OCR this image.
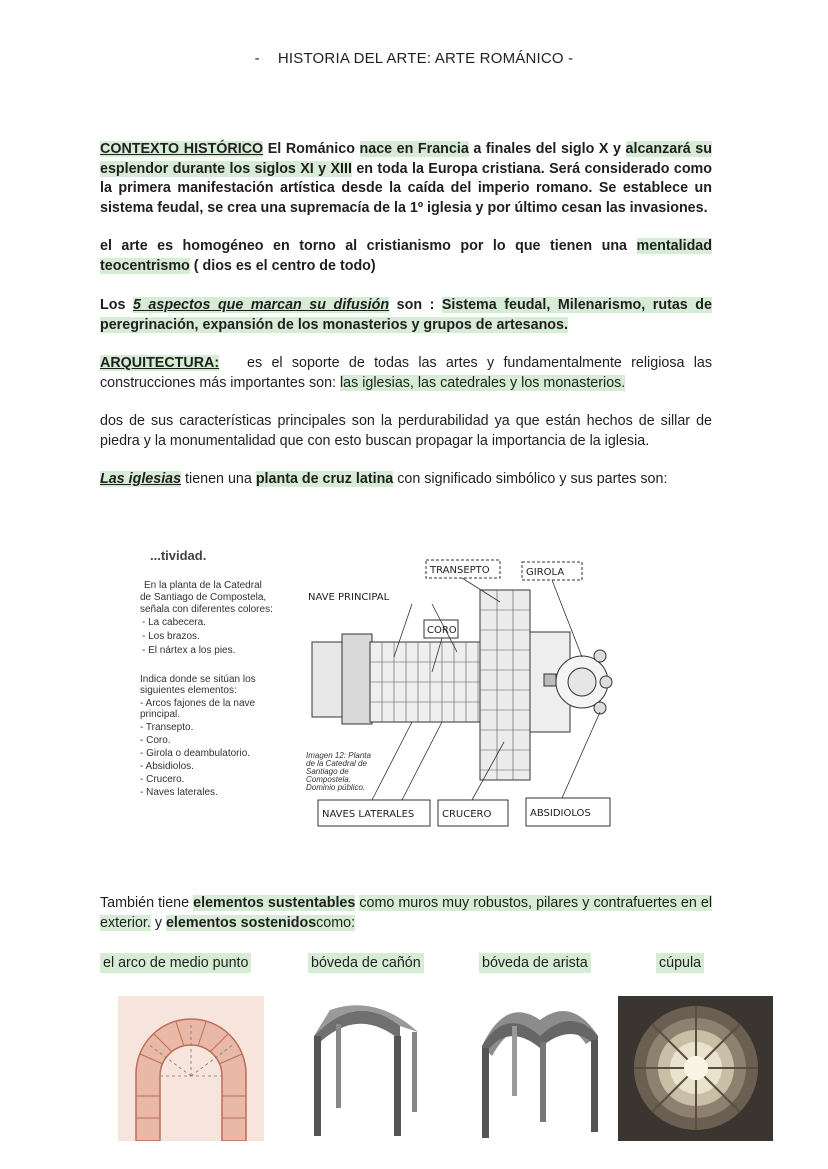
- HISTORIA DEL ARTE: ARTE ROMÁNICO -

CONTEXTO HISTÓRICO El Románico nace en Francia a finales del siglo X y alcanzará su esplendor durante los siglos XI y XIII en toda la Europa cristiana. Será considerado como la primera manifestación artística desde la caída del imperio romano. Se establece un sistema feudal, se crea una supremacía de la 1º iglesia y por último cesan las invasiones.

el arte es homogéneo en torno al cristianismo por lo que tienen una mentalidad teocentrismo ( dios es el centro de todo)

Los 5 aspectos que marcan su difusión son : Sistema feudal, Milenarismo, rutas de peregrinación, expansión de los monasterios y grupos de artesanos.

ARQUITECTURA: es el soporte de todas las artes y fundamentalmente religiosa las construcciones más importantes son: las iglesias, las catedrales y los monasterios.

dos de sus características principales son la perdurabilidad ya que están hechos de sillar de piedra y la monumentalidad que con esto buscan propagar la importancia de la iglesia.

Las iglesias tienen una planta de cruz latina con significado simbólico y sus partes son:

...tividad.
En la planta de la Catedral
de Santiago de Compostela,
señala con diferentes colores:
- La cabecera.
- Los brazos.
- El nártex a los pies.
Indica donde se sitúan los
siguientes elementos:
- Arcos fajones de la nave
principal.
- Transepto.
- Coro.
- Girola o deambulatorio.
- Absidiolos.
- Crucero.
- Naves laterales.
Imagen 12: Planta
de la Catedral de
Santiago de
Compostela.
Dominio público.
TRANSEPTO	GIROLA
NAVE PRINCIPAL
CORO
NAVES LATERALES	CRUCERO	ABSIDIOLOS

También tiene elementos sustentables como muros muy robustos, pilares y contrafuertes en el exterior. y elementos sostenidoscomo:

el arco de medio punto	bóveda de cañón	bóveda de arista	cúpula
